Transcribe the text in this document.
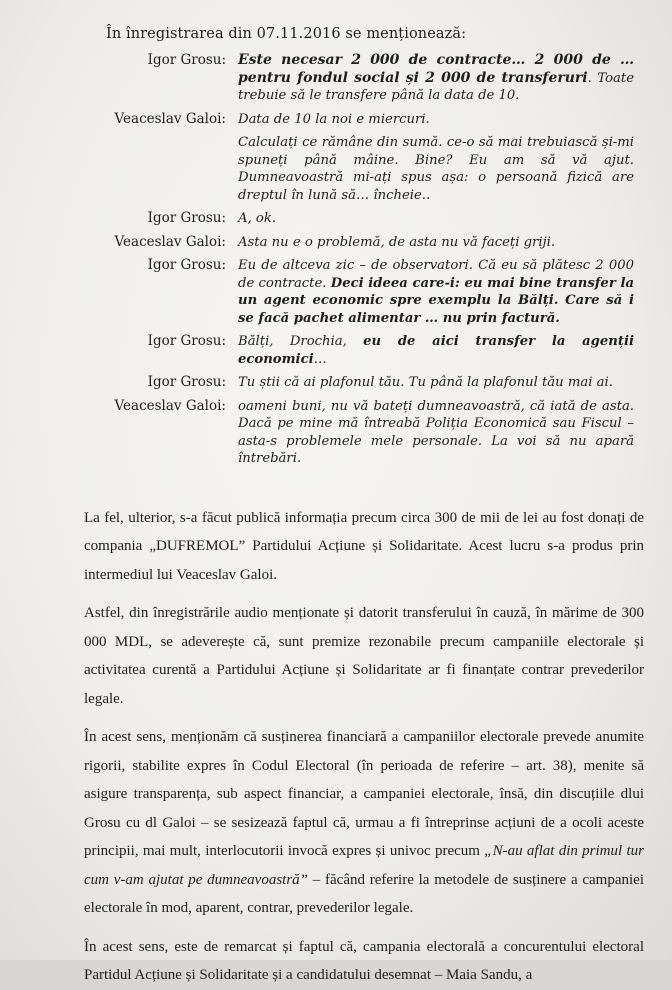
În înregistrarea din 07.11.2016 se menționează:
Igor Grosu:	Este necesar 2 000 de contracte… 2 000 de … pentru fondul social și 2 000 de transferuri. Toate trebuie să le transfere până la data de 10.
Veaceslav Galoi:	Data de 10 la noi e miercuri.
	Calculați ce rămâne din sumă. ce-o să mai trebuiască și-mi spuneți până mâine. Bine? Eu am să vă ajut. Dumneavoastră mi-ați spus așa: o persoană fizică are dreptul în lună să… încheie..
Igor Grosu:	A, ok.
Veaceslav Galoi:	Asta nu e o problemă, de asta nu vă faceți griji.
Igor Grosu:	Eu de altceva zic – de observatori. Că eu să plătesc 2 000 de contracte. Deci ideea care-i: eu mai bine transfer la un agent economic spre exemplu la Bălți. Care să i se facă pachet alimentar … nu prin factură.
Igor Grosu:	Bălți, Drochia, eu de aici transfer la agenții economici…
Igor Grosu:	Tu știi că ai plafonul tău. Tu până la plafonul tău mai ai.
Veaceslav Galoi:	oameni buni, nu vă bateți dumneavoastră, că iată de asta. Dacă pe mine mă întreabă Poliția Economică sau Fiscul – asta-s problemele mele personale. La voi să nu apară întrebări.

La fel, ulterior, s-a făcut publică informația precum circa 300 de mii de lei au fost donați de compania „DUFREMOL” Partidului Acțiune și Solidaritate. Acest lucru s-a produs prin intermediul lui Veaceslav Galoi.

Astfel, din înregistrările audio menționate și datorit transferului în cauză, în mărime de 300 000 MDL, se adeverește că, sunt premize rezonabile precum campaniile electorale și activitatea curentă a Partidului Acțiune și Solidaritate ar fi finanțate contrar prevederilor legale.

În acest sens, menționăm că susținerea financiară a campaniilor electorale prevede anumite rigorii, stabilite expres în Codul Electoral (în perioada de referire – art. 38), menite să asigure transparența, sub aspect financiar, a campaniei electorale, însă, din discuțiile dlui Grosu cu dl Galoi – se sesizează faptul că, urmau a fi întreprinse acțiuni de a ocoli aceste principii, mai mult, interlocutorii invocă expres și univoc precum „N-au aflat din primul tur cum v-am ajutat pe dumneavoastră” – făcând referire la metodele de susținere a campaniei electorale în mod, aparent, contrar, prevederilor legale.

În acest sens, este de remarcat și faptul că, campania electorală a concurentului electoral Partidul Acțiune și Solidaritate și a candidatului desemnat – Maia Sandu, a
